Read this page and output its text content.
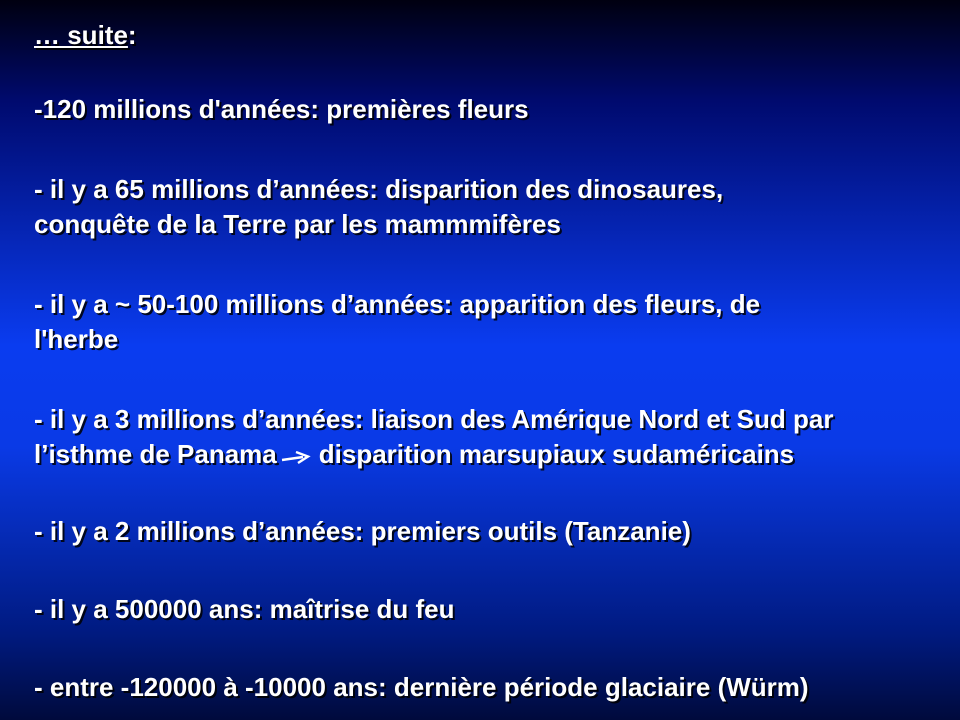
… suite:
-120 millions d'années: premières fleurs
- il y a 65 millions d’années: disparition des dinosaures,
conquête de la Terre par les mammmifères
- il y a ~ 50-100 millions d’années: apparition des fleurs, de
l'herbe
- il y a 3 millions d’années: liaison des Amérique Nord et Sud par
l’isthme de Panama disparition marsupiaux sudaméricains
- il y a 2 millions d’années: premiers outils (Tanzanie)
- il y a 500000 ans: maîtrise du feu
- entre -120000 à -10000 ans: dernière période glaciaire (Würm)
